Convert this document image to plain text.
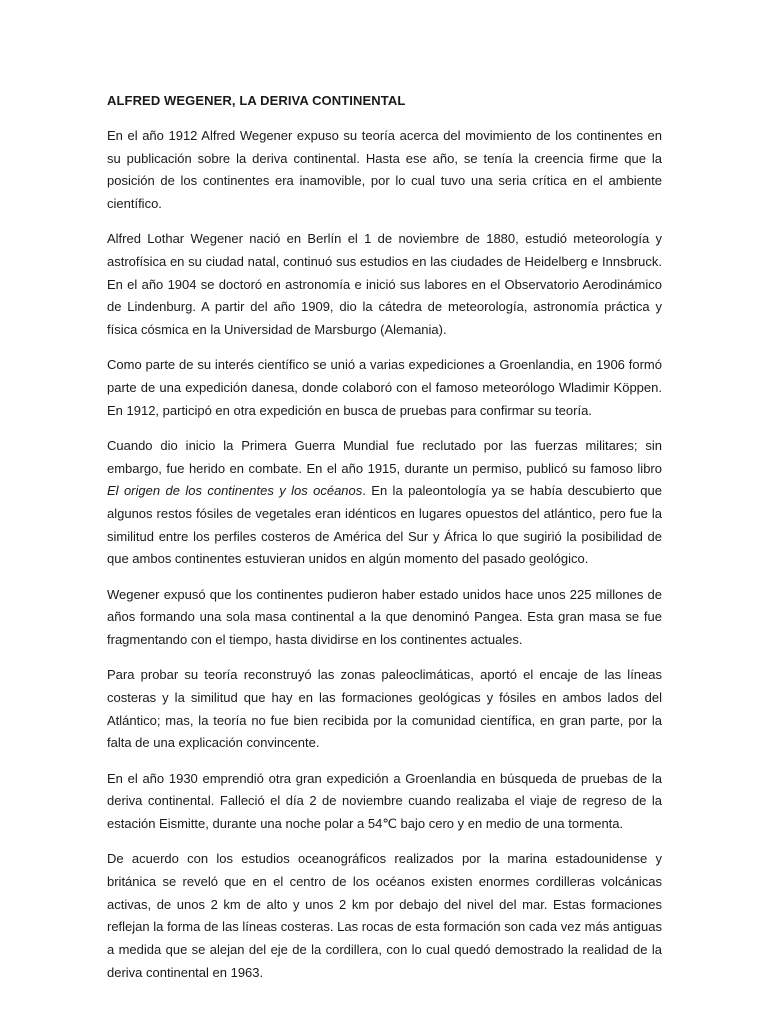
ALFRED WEGENER, LA DERIVA CONTINENTAL

En el año 1912 Alfred Wegener expuso su teoría acerca del movimiento de los continentes en su publicación sobre la deriva continental. Hasta ese año, se tenía la creencia firme que la posición de los continentes era inamovible, por lo cual tuvo una seria crítica en el ambiente científico.

Alfred Lothar Wegener nació en Berlín el 1 de noviembre de 1880, estudió meteorología y astrofísica en su ciudad natal, continuó sus estudios en las ciudades de Heidelberg e Innsbruck. En el año 1904 se doctoró en astronomía e inició sus labores en el Observatorio Aerodinámico de Lindenburg. A partir del año 1909, dio la cátedra de meteorología, astronomía práctica y física cósmica en la Universidad de Marsburgo (Alemania).

Como parte de su interés científico se unió a varias expediciones a Groenlandia, en 1906 formó parte de una expedición danesa, donde colaboró con el famoso meteorólogo Wladimir Köppen. En 1912, participó en otra expedición en busca de pruebas para confirmar su teoría.

Cuando dio inicio la Primera Guerra Mundial fue reclutado por las fuerzas militares; sin embargo, fue herido en combate. En el año 1915, durante un permiso, publicó su famoso libro El origen de los continentes y los océanos. En la paleontología ya se había descubierto que algunos restos fósiles de vegetales eran idénticos en lugares opuestos del atlántico, pero fue la similitud entre los perfiles costeros de América del Sur y África lo que sugirió la posibilidad de que ambos continentes estuvieran unidos en algún momento del pasado geológico.

Wegener expusó que los continentes pudieron haber estado unidos hace unos 225 millones de años formando una sola masa continental a la que denominó Pangea. Esta gran masa se fue fragmentando con el tiempo, hasta dividirse en los continentes actuales.

Para probar su teoría reconstruyó las zonas paleoclimáticas, aportó el encaje de las líneas costeras y la similitud que hay en las formaciones geológicas y fósiles en ambos lados del Atlántico; mas, la teoría no fue bien recibida por la comunidad científica, en gran parte, por la falta de una explicación convincente.

En el año 1930 emprendió otra gran expedición a Groenlandia en búsqueda de pruebas de la deriva continental. Falleció el día 2 de noviembre cuando realizaba el viaje de regreso de la estación Eismitte, durante una noche polar a 54℃ bajo cero y en medio de una tormenta.

De acuerdo con los estudios oceanográficos realizados por la marina estadounidense y británica se reveló que en el centro de los océanos existen enormes cordilleras volcánicas activas, de unos 2 km de alto y unos 2 km por debajo del nivel del mar. Estas formaciones reflejan la forma de las líneas costeras. Las rocas de esta formación son cada vez más antiguas a medida que se alejan del eje de la cordillera, con lo cual quedó demostrado la realidad de la deriva continental en 1963.
